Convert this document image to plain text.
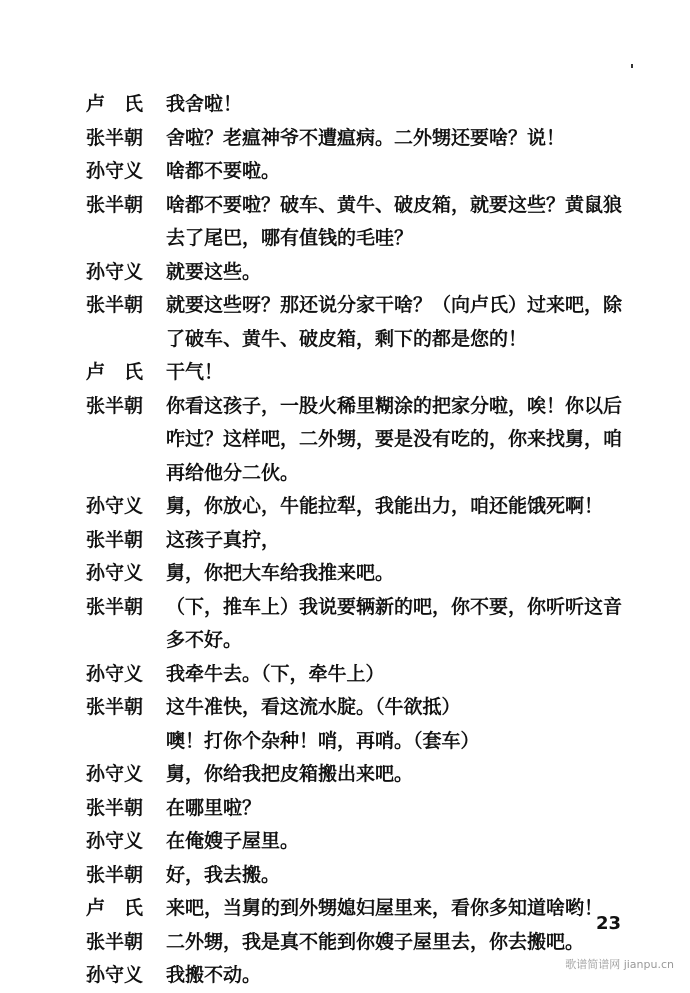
卢　氏	我舍啦！
张半朝	舍啦？老瘟神爷不遭瘟病。二外甥还要啥？说！
孙守义	啥都不要啦。
张半朝	啥都不要啦？破车、黄牛、破皮箱，就要这些？黄鼠狼
去了尾巴，哪有值钱的毛哇？
孙守义	就要这些。
张半朝	就要这些呀？那还说分家干啥？（向卢氏）过来吧，除
了破车、黄牛、破皮箱，剩下的都是您的！
卢　氏	干气！
张半朝	你看这孩子，一股火稀里糊涂的把家分啦，唉！你以后
咋过？这样吧，二外甥，要是没有吃的，你来找舅，咱
再给他分二伙。
孙守义	舅，你放心，牛能拉犁，我能出力，咱还能饿死啊！
张半朝	这孩子真拧，
孙守义	舅，你把大车给我推来吧。
张半朝	（下，推车上）我说要辆新的吧，你不要，你听听这音
多不好。
孙守义	我牵牛去。（下，牵牛上）
张半朝	这牛准快，看这流水腚。（牛欲抵）
噢！打你个杂种！哨，再哨。（套车）
孙守义	舅，你给我把皮箱搬出来吧。
张半朝	在哪里啦？
孙守义	在俺嫂子屋里。
张半朝	好，我去搬。
卢　氏	来吧，当舅的到外甥媳妇屋里来，看你多知道啥哟！
张半朝	二外甥，我是真不能到你嫂子屋里去，你去搬吧。
孙守义	我搬不动。
23
歌谱简谱网 jianpu.cn
